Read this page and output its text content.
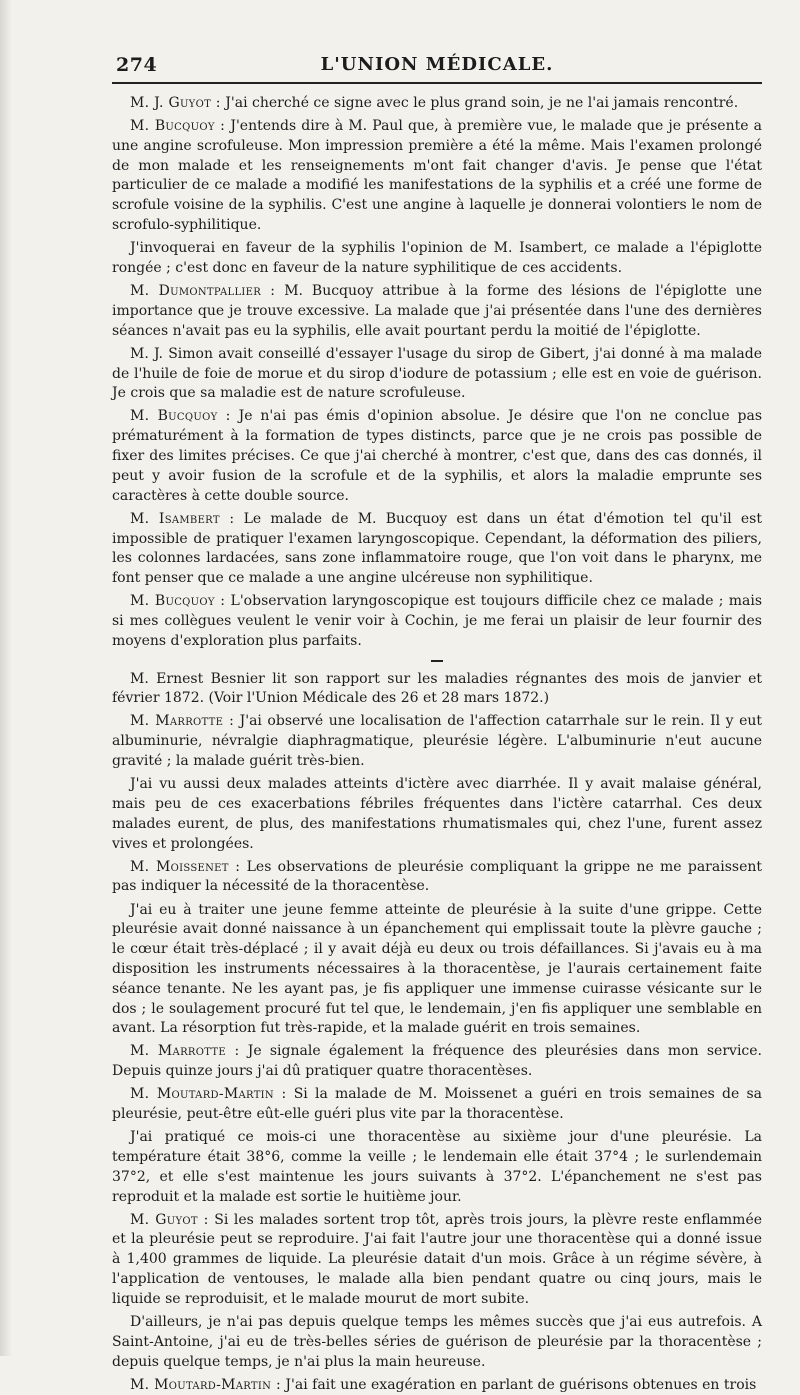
274	L'UNION MÉDICALE.

M. J. Guyot : J'ai cherché ce signe avec le plus grand soin, je ne l'ai jamais rencontré.

M. Bucquoy : J'entends dire à M. Paul que, à première vue, le malade que je présente a une angine scrofuleuse. Mon impression première a été la même. Mais l'examen prolongé de mon malade et les renseignements m'ont fait changer d'avis. Je pense que l'état particulier de ce malade a modifié les manifestations de la syphilis et a créé une forme de scrofule voisine de la syphilis. C'est une angine à laquelle je donnerai volontiers le nom de scrofulo-syphilitique.

J'invoquerai en faveur de la syphilis l'opinion de M. Isambert, ce malade a l'épiglotte rongée ; c'est donc en faveur de la nature syphilitique de ces accidents.

M. Dumontpallier : M. Bucquoy attribue à la forme des lésions de l'épiglotte une importance que je trouve excessive. La malade que j'ai présentée dans l'une des dernières séances n'avait pas eu la syphilis, elle avait pourtant perdu la moitié de l'épiglotte.

M. J. Simon avait conseillé d'essayer l'usage du sirop de Gibert, j'ai donné à ma malade de l'huile de foie de morue et du sirop d'iodure de potassium ; elle est en voie de guérison. Je crois que sa maladie est de nature scrofuleuse.

M. Bucquoy : Je n'ai pas émis d'opinion absolue. Je désire que l'on ne conclue pas prématurément à la formation de types distincts, parce que je ne crois pas possible de fixer des limites précises. Ce que j'ai cherché à montrer, c'est que, dans des cas donnés, il peut y avoir fusion de la scrofule et de la syphilis, et alors la maladie emprunte ses caractères à cette double source.

M. Isambert : Le malade de M. Bucquoy est dans un état d'émotion tel qu'il est impossible de pratiquer l'examen laryngoscopique. Cependant, la déformation des piliers, les colonnes lardacées, sans zone inflammatoire rouge, que l'on voit dans le pharynx, me font penser que ce malade a une angine ulcéreuse non syphilitique.

M. Bucquoy : L'observation laryngoscopique est toujours difficile chez ce malade ; mais si mes collègues veulent le venir voir à Cochin, je me ferai un plaisir de leur fournir des moyens d'exploration plus parfaits.

M. Ernest Besnier lit son rapport sur les maladies régnantes des mois de janvier et février 1872. (Voir l'Union Médicale des 26 et 28 mars 1872.)

M. Marrotte : J'ai observé une localisation de l'affection catarrhale sur le rein. Il y eut albuminurie, névralgie diaphragmatique, pleurésie légère. L'albuminurie n'eut aucune gravité ; la malade guérit très-bien.

J'ai vu aussi deux malades atteints d'ictère avec diarrhée. Il y avait malaise général, mais peu de ces exacerbations fébriles fréquentes dans l'ictère catarrhal. Ces deux malades eurent, de plus, des manifestations rhumatismales qui, chez l'une, furent assez vives et prolongées.

M. Moissenet : Les observations de pleurésie compliquant la grippe ne me paraissent pas indiquer la nécessité de la thoracentèse.

J'ai eu à traiter une jeune femme atteinte de pleurésie à la suite d'une grippe. Cette pleurésie avait donné naissance à un épanchement qui emplissait toute la plèvre gauche ; le cœur était très-déplacé ; il y avait déjà eu deux ou trois défaillances. Si j'avais eu à ma disposition les instruments nécessaires à la thoracentèse, je l'aurais certainement faite séance tenante. Ne les ayant pas, je fis appliquer une immense cuirasse vésicante sur le dos ; le soulagement procuré fut tel que, le lendemain, j'en fis appliquer une semblable en avant. La résorption fut très-rapide, et la malade guérit en trois semaines.

M. Marrotte : Je signale également la fréquence des pleurésies dans mon service. Depuis quinze jours j'ai dû pratiquer quatre thoracentèses.

M. Moutard-Martin : Si la malade de M. Moissenet a guéri en trois semaines de sa pleurésie, peut-être eût-elle guéri plus vite par la thoracentèse.

J'ai pratiqué ce mois-ci une thoracentèse au sixième jour d'une pleurésie. La température était 38°6, comme la veille ; le lendemain elle était 37°4 ; le surlendemain 37°2, et elle s'est maintenue les jours suivants à 37°2. L'épanchement ne s'est pas reproduit et la malade est sortie le huitième jour.

M. Guyot : Si les malades sortent trop tôt, après trois jours, la plèvre reste enflammée et la pleurésie peut se reproduire. J'ai fait l'autre jour une thoracentèse qui a donné issue à 1,400 grammes de liquide. La pleurésie datait d'un mois. Grâce à un régime sévère, à l'application de ventouses, le malade alla bien pendant quatre ou cinq jours, mais le liquide se reproduisit, et le malade mourut de mort subite.

D'ailleurs, je n'ai pas depuis quelque temps les mêmes succès que j'ai eus autrefois. A Saint-Antoine, j'ai eu de très-belles séries de guérison de pleurésie par la thoracentèse ; depuis quelque temps, je n'ai plus la main heureuse.

M. Moutard-Martin : J'ai fait une exagération en parlant de guérisons obtenues en trois
